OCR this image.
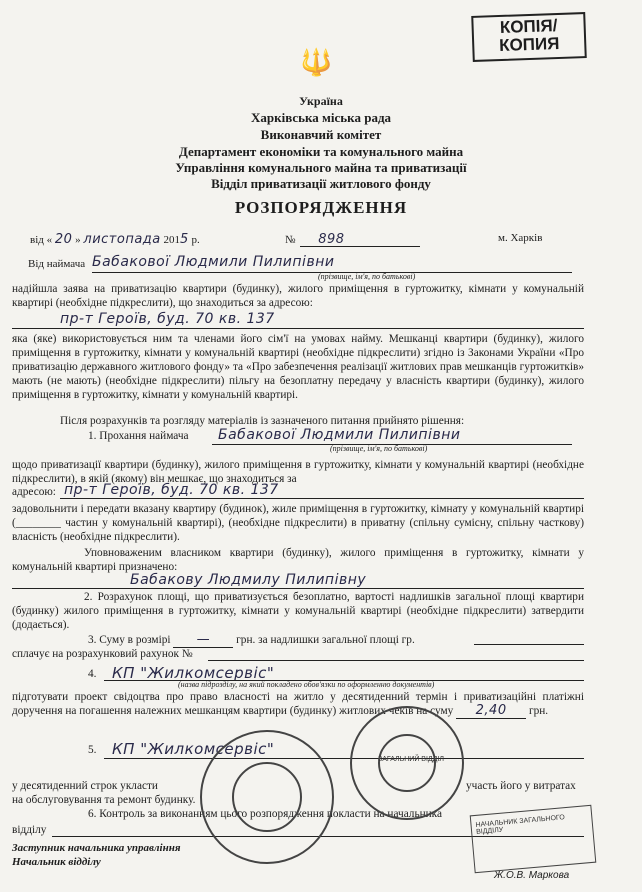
КОПІЯ/
КОПИЯ
🔱
Україна
Харківська міська рада
Виконавчий комітет
Департамент економіки та комунального майна
Управління комунального майна та приватизації
Відділ приватизації житлового фонду
РОЗПОРЯДЖЕННЯ
від « 20 » листопада 2015 р.	№ 898	м. Харків
Від наймача Бабакової Людмили Пилипівни
(прізвище, ім'я, по батькові)
надійшла заява на приватизацію квартири (будинку), жилого приміщення в гуртожитку, кімнати у комунальній квартирі (необхідне підкреслити), що знаходиться за адресою:
пр-т Героїв, буд. 70 кв. 137
яка (яке) використовується ним та членами його сім'ї на умовах найму. Мешканці квартири (будинку), жилого приміщення в гуртожитку, кімнати у комунальній квартирі (необхідне підкреслити) згідно із Законами України «Про приватизацію державного житлового фонду» та «Про забезпечення реалізації житлових прав мешканців гуртожитків» мають (не мають) (необхідне підкреслити) пільгу на безоплатну передачу у власність квартири (будинку), жилого приміщення в гуртожитку, кімнати у комунальній квартирі.
Після розрахунків та розгляду матеріалів із зазначеного питання прийнято рішення:
1. Прохання наймача Бабакової Людмили Пилипівни
(прізвище, ім'я, по батькові)
щодо приватизації квартири (будинку), жилого приміщення в гуртожитку, кімнати у комунальній квартирі (необхідне підкреслити), в якій (якому) він мешкає, що знаходиться за
адресою: пр-т Героїв, буд. 70 кв. 137
задовольнити і передати вказану квартиру (будинок), жиле приміщення в гуртожитку, кімнату у комунальній квартирі (________ частин у комунальній квартирі), (необхідне підкреслити) в приватну (спільну сумісну, спільну часткову) власність (необхідне підкреслити).
Уповноваженим власником квартири (будинку), жилого приміщення в гуртожитку, кімнати у комунальній квартирі призначено:
Бабакову Людмилу Пилипівну
2. Розрахунок площі, що приватизується безоплатно, вартості надлишків загальної площі квартири (будинку) жилого приміщення в гуртожитку, кімнати у комунальній квартирі (необхідне підкреслити) затвердити (додається).
3. Суму в розмірі — грн. за надлишки загальної площі гр.
сплачує на розрахунковий рахунок №
4. КП "Жилкомсервіс"
(назва підрозділу, на який покладено обов'язки по оформленню документів)
підготувати проект свідоцтва про право власності на житло у десятиденний термін і приватизаційні платіжні доручення на погашення належних мешканцям квартири (будинку) житлових чеків на суму 2,40 грн.
5. КП "Жилкомсервіс"
у десятиденний строк укласти	участь його у витратах
на обслуговування та ремонт будинку.
6. Контроль за виконанням цього розпорядження покласти на начальника
відділу
Заступник начальника управління
Начальник відділу
ЗАГАЛЬНИЙ ВІДДІЛ
НАЧАЛЬНИК ЗАГАЛЬНОГО ВІДДІЛУ
Ж.О.В. Маркова
